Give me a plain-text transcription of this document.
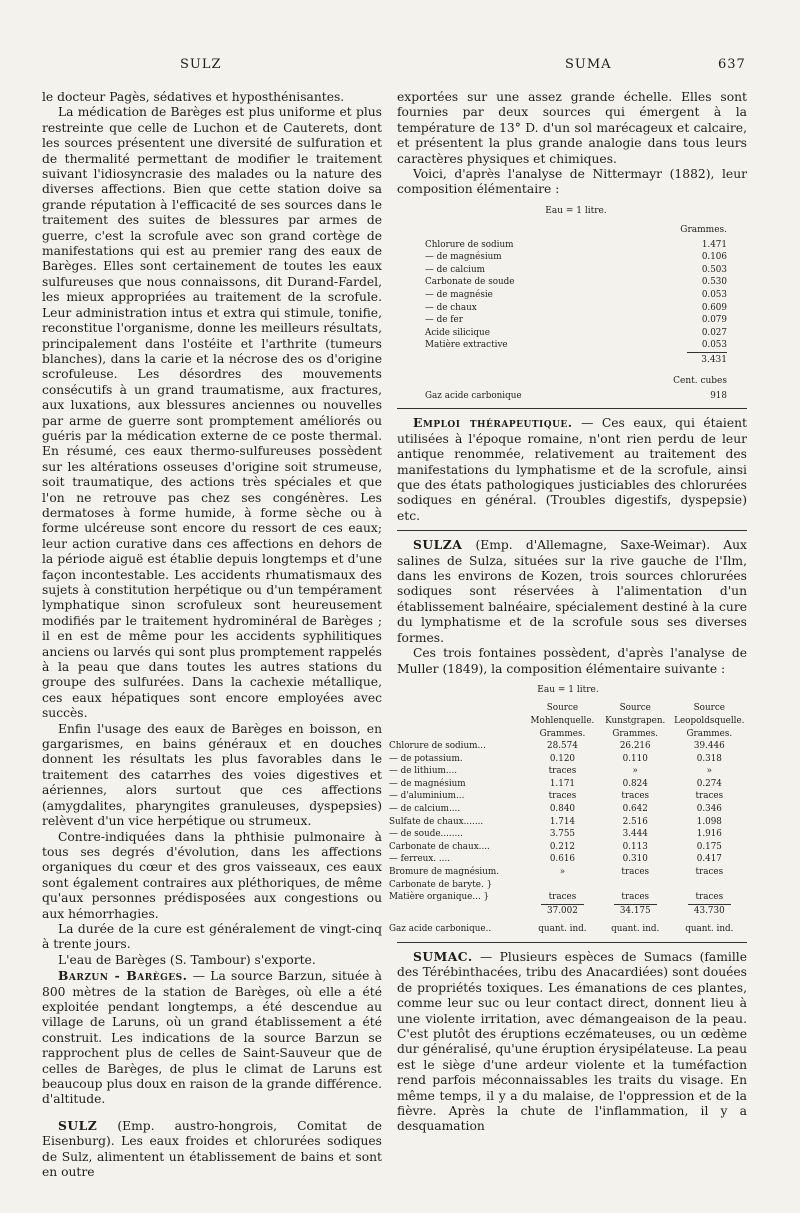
SULZ	SUMA	637

le docteur Pagès, sédatives et hyposthénisantes.

La médication de Barèges est plus uniforme et plus restreinte que celle de Luchon et de Cauterets, dont les sources présentent une diversité de sulfuration et de thermalité permettant de modifier le traitement suivant l'idiosyncrasie des malades ou la nature des diverses affections. Bien que cette station doive sa grande réputation à l'efficacité de ses sources dans le traitement des suites de blessures par armes de guerre, c'est la scrofule avec son grand cortège de manifestations qui est au premier rang des eaux de Barèges. Elles sont certainement de toutes les eaux sulfureuses que nous connaissons, dit Durand-Fardel, les mieux appropriées au traitement de la scrofule. Leur administration intus et extra qui stimule, tonifie, reconstitue l'organisme, donne les meilleurs résultats, principalement dans l'ostéite et l'arthrite (tumeurs blanches), dans la carie et la nécrose des os d'origine scrofuleuse. Les désordres des mouvements consécutifs à un grand traumatisme, aux fractures, aux luxations, aux blessures anciennes ou nouvelles par arme de guerre sont promptement améliorés ou guéris par la médication externe de ce poste thermal. En résumé, ces eaux thermo-sulfureuses possèdent sur les altérations osseuses d'origine soit strumeuse, soit traumatique, des actions très spéciales et que l'on ne retrouve pas chez ses congénères. Les dermatoses à forme humide, à forme sèche ou à forme ulcéreuse sont encore du ressort de ces eaux; leur action curative dans ces affections en dehors de la période aiguë est établie depuis longtemps et d'une façon incontestable. Les accidents rhumatismaux des sujets à constitution herpétique ou d'un tempérament lymphatique sinon scrofuleux sont heureusement modifiés par le traitement hydrominéral de Barèges ; il en est de même pour les accidents syphilitiques anciens ou larvés qui sont plus promptement rappelés à la peau que dans toutes les autres stations du groupe des sulfurées. Dans la cachexie métallique, ces eaux hépatiques sont encore employées avec succès.

Enfin l'usage des eaux de Barèges en boisson, en gargarismes, en bains généraux et en douches donnent les résultats les plus favorables dans le traitement des catarrhes des voies digestives et aériennes, alors surtout que ces affections (amygdalites, pharyngites granuleuses, dyspepsies) relèvent d'un vice herpétique ou strumeux.

Contre-indiquées dans la phthisie pulmonaire à tous ses degrés d'évolution, dans les affections organiques du cœur et des gros vaisseaux, ces eaux sont également contraires aux pléthoriques, de même qu'aux personnes prédisposées aux congestions ou aux hémorrhagies.

La durée de la cure est généralement de vingt-cinq à trente jours.

L'eau de Barèges (S. Tambour) s'exporte.

Barzun - Barèges. — La source Barzun, située à 800 mètres de la station de Barèges, où elle a été exploitée pendant longtemps, a été descendue au village de Laruns, où un grand établissement a été construit. Les indications de la source Barzun se rapprochent plus de celles de Saint-Sauveur que de celles de Barèges, de plus le climat de Laruns est beaucoup plus doux en raison de la grande différence. d'altitude.

SULZ (Emp. austro-hongrois, Comitat de Eisenburg). Les eaux froides et chlorurées sodiques de Sulz, alimentent un établissement de bains et sont en outre

exportées sur une assez grande échelle. Elles sont fournies par deux sources qui émergent à la température de 13° D. d'un sol marécageux et calcaire, et présentent la plus grande analogie dans tous leurs caractères physiques et chimiques.

Voici, d'après l'analyse de Nittermayr (1882), leur composition élémentaire :

Eau = 1 litre.
Grammes.
Chlorure de sodium	1.471
— de magnésium	0.106
— de calcium	0.503
Carbonate de soude	0.530
— de magnésie	0.053
— de chaux	0.609
— de fer	0.079
Acide silicique	0.027
Matière extractive	0.053
3.431
Cent. cubes
Gaz acide carbonique	918

Emploi thérapeutique. — Ces eaux, qui étaient utilisées à l'époque romaine, n'ont rien perdu de leur antique renommée, relativement au traitement des manifestations du lymphatisme et de la scrofule, ainsi que des états pathologiques justiciables des chlorurées sodiques en général. (Troubles digestifs, dyspepsie) etc.

SULZA (Emp. d'Allemagne, Saxe-Weimar). Aux salines de Sulza, situées sur la rive gauche de l'Ilm, dans les environs de Kozen, trois sources chlorurées sodiques sont réservées à l'alimentation d'un établissement balnéaire, spécialement destiné à la cure du lymphatisme et de la scrofule sous ses diverses formes.

Ces trois fontaines possèdent, d'après l'analyse de Muller (1849), la composition élémentaire suivante :

Eau = 1 litre.
	Source	Source	Source
	Mohlenquelle.	Kunstgrapen.	Leopoldsquelle.
	Grammes.	Grammes.	Grammes.
Chlorure de sodium...	28.574	26.216	39.446
— de potassium.	0.120	0.110	0.318
— de lithium....	traces	»	»
— de magnésium	1.171	0.824	0.274
— d'aluminium...	traces	traces	traces
— de calcium....	0.840	0.642	0.346
Sulfate de chaux.......	1.714	2.516	1.098
— de soude........	3.755	3.444	1.916
Carbonate de chaux....	0.212	0.113	0.175
— ferreux. ....	0.616	0.310	0.417
Bromure de magnésium.	»	traces	traces
Carbonate de baryte. }			
Matière organique... }	traces	traces	traces
	37.002	34.175	43.730
Gaz acide carbonique..	quant. ind.	quant. ind.	quant. ind.

SUMAC. — Plusieurs espèces de Sumacs (famille des Térébinthacées, tribu des Anacardiées) sont douées de propriétés toxiques. Les émanations de ces plantes, comme leur suc ou leur contact direct, donnent lieu à une violente irritation, avec démangeaison de la peau. C'est plutôt des éruptions eczémateuses, ou un œdème dur généralisé, qu'une éruption érysipélateuse. La peau est le siège d'une ardeur violente et la tuméfaction rend parfois méconnaissables les traits du visage. En même temps, il y a du malaise, de l'oppression et de la fièvre. Après la chute de l'inflammation, il y a desquamation
